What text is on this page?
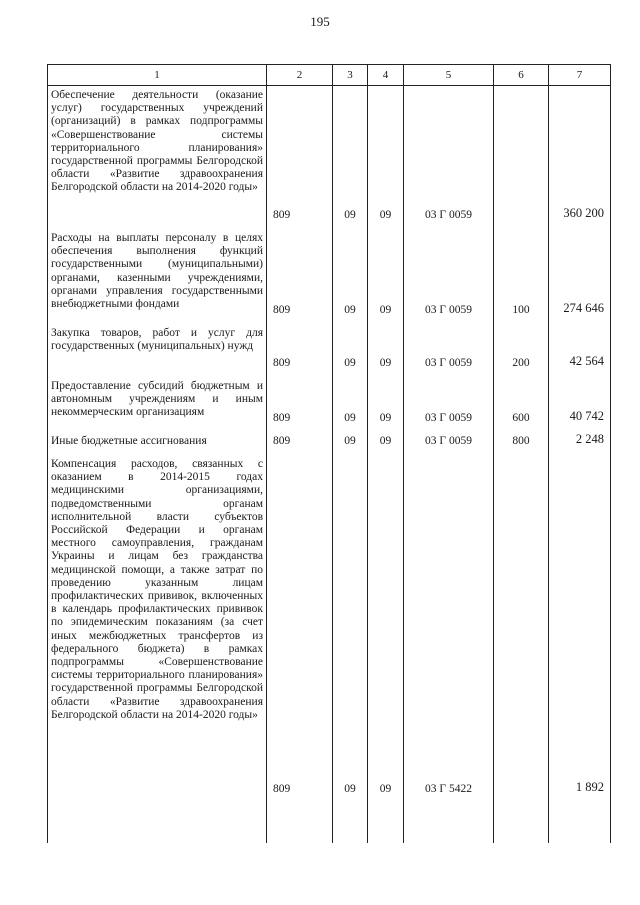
195
1	2	3	4	5	6	7
Обеспечение деятельности (оказание услуг) государственных учреждений (организаций) в рамках подпрограммы «Совершенствование системы территориального планирования» государственной программы Белгородской области «Развитие здравоохранения Белгородской области на 2014-2020 годы»	809	09	09	03 Г 0059		360 200
Расходы на выплаты персоналу в целях обеспечения выполнения функций государственными (муниципальными) органами, казенными учреждениями, органами управления государственными внебюджетными фондами	809	09	09	03 Г 0059	100	274 646
Закупка товаров, работ и услуг для государственных (муниципальных) нужд	809	09	09	03 Г 0059	200	42 564
Предоставление субсидий бюджетным и автономным учреждениям и иным некоммерческим организациям	809	09	09	03 Г 0059	600	40 742
Иные бюджетные ассигнования	809	09	09	03 Г 0059	800	2 248
Компенсация расходов, связанных с оказанием в 2014-2015 годах медицинскими организациями, подведомственными органам исполнительной власти субъектов Российской Федерации и органам местного самоуправления, гражданам Украины и лицам без гражданства медицинской помощи, а также затрат по проведению указанным лицам профилактических прививок, включенных в календарь профилактических прививок по эпидемическим показаниям (за счет иных межбюджетных трансфертов из федерального бюджета) в рамках подпрограммы «Совершенствование системы территориального планирования» государственной программы Белгородской области «Развитие здравоохранения Белгородской области на 2014-2020 годы»	809	09	09	03 Г 5422		1 892
